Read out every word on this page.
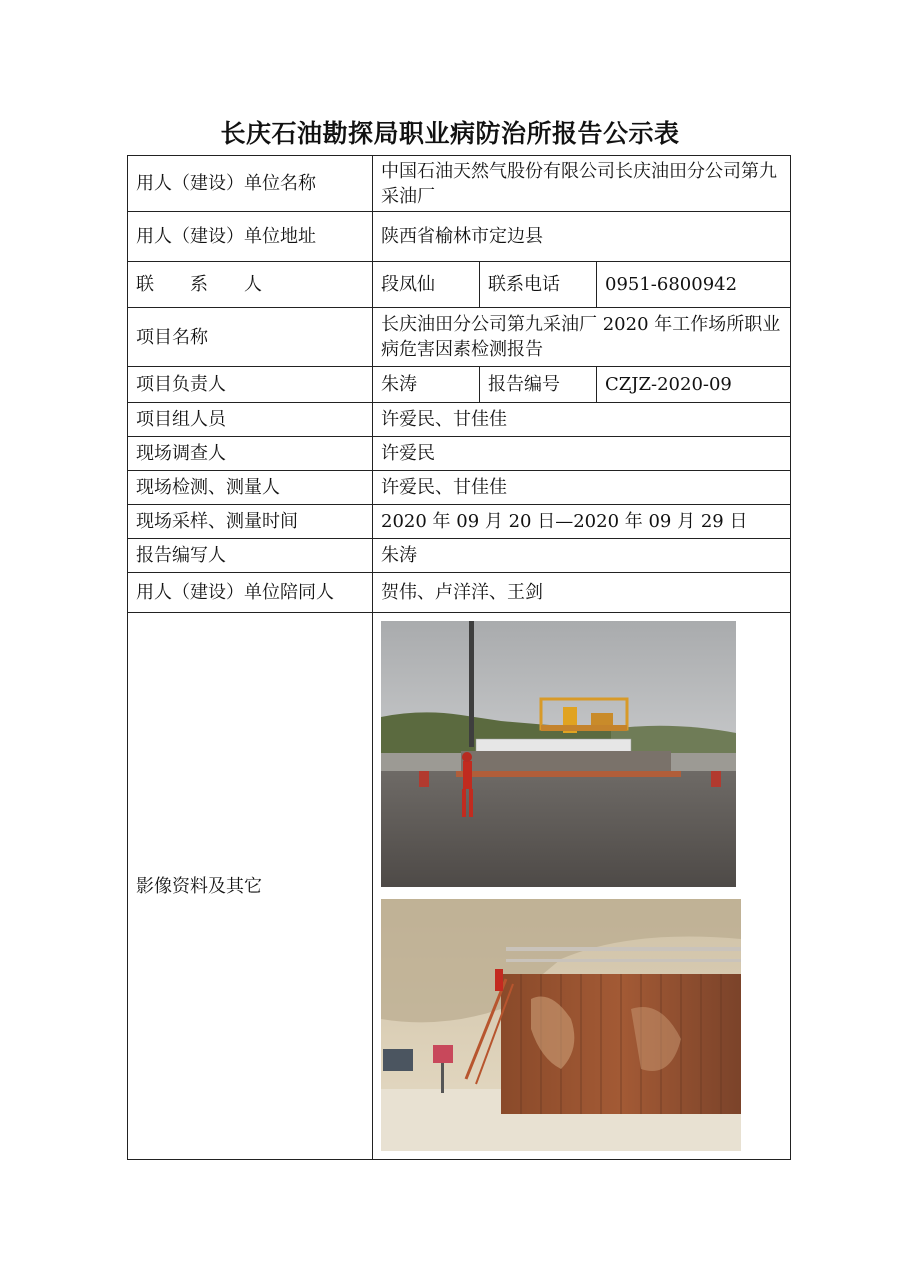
长庆石油勘探局职业病防治所报告公示表
用人（建设）单位名称	中国石油天然气股份有限公司长庆油田分公司第九采油厂		
用人（建设）单位地址	陕西省榆林市定边县		
联 系 人	段凤仙	联系电话	0951-6800942
项目名称	长庆油田分公司第九采油厂 2020 年工作场所职业病危害因素检测报告		
项目负责人	朱涛	报告编号	CZJZ-2020-09
项目组人员	许爱民、甘佳佳		
现场调查人	许爱民		
现场检测、测量人	许爱民、甘佳佳		
现场采样、测量时间	2020 年 09 月 20 日—2020 年 09 月 29 日		
报告编写人	朱涛		
用人（建设）单位陪同人	贺伟、卢洋洋、王剑		
影像资料及其它	
